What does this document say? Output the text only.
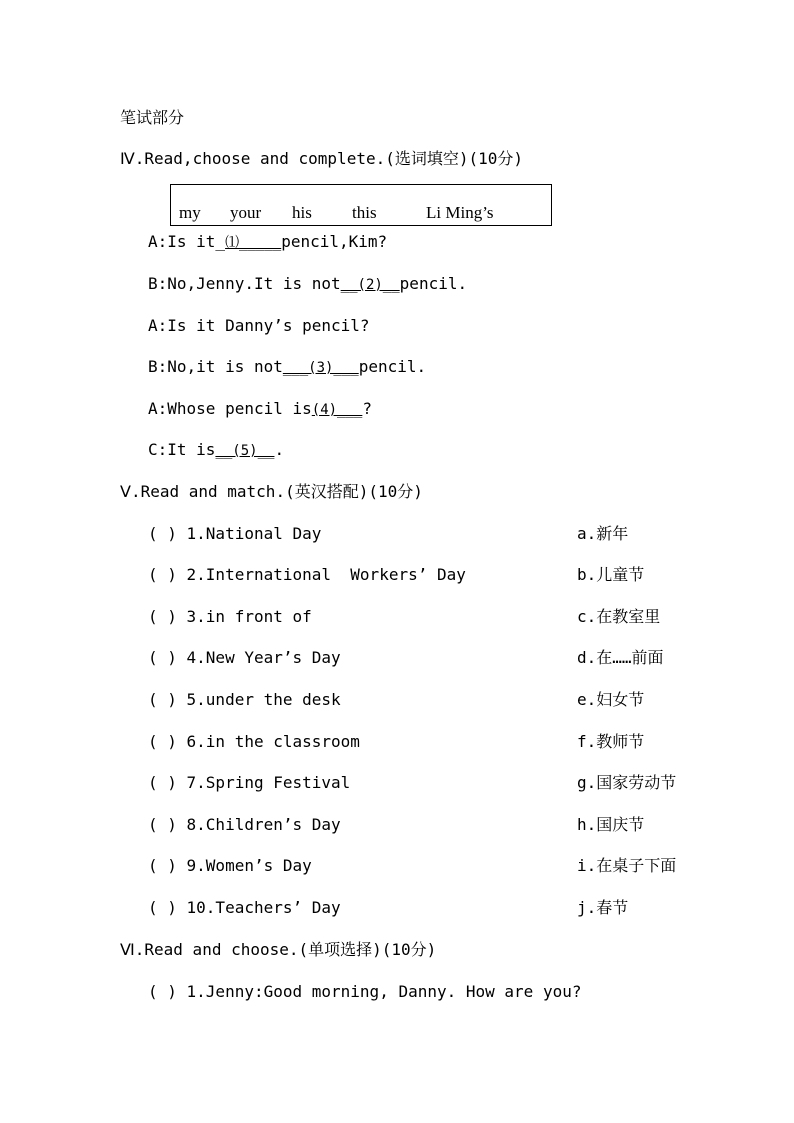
笔试部分
Ⅳ.Read,choose and complete.(选词填空)(10分)
my your his this	Li Ming’s
A:Is it_⑴_____pencil,Kim?
B:No,Jenny.It is not__(2)__pencil.
A:Is it Danny’s pencil?
B:No,it is not___(3)___pencil.
A:Whose pencil is(4)___?
C:It is__(5)__.
Ⅴ.Read and match.(英汉搭配)(10分)
( ) 1.National Day	a.新年
( ) 2.International  Workers’ Day	b.儿童节
( ) 3.in front of	c.在教室里
( ) 4.New Year’s Day	d.在……前面
( ) 5.under the desk	e.妇女节
( ) 6.in the classroom	f.教师节
( ) 7.Spring Festival	g.国家劳动节
( ) 8.Children’s Day	h.国庆节
( ) 9.Women’s Day	i.在桌子下面
( ) 10.Teachers’ Day	j.春节
Ⅵ.Read and choose.(单项选择)(10分)
( ) 1.Jenny:Good morning, Danny. How are you?
